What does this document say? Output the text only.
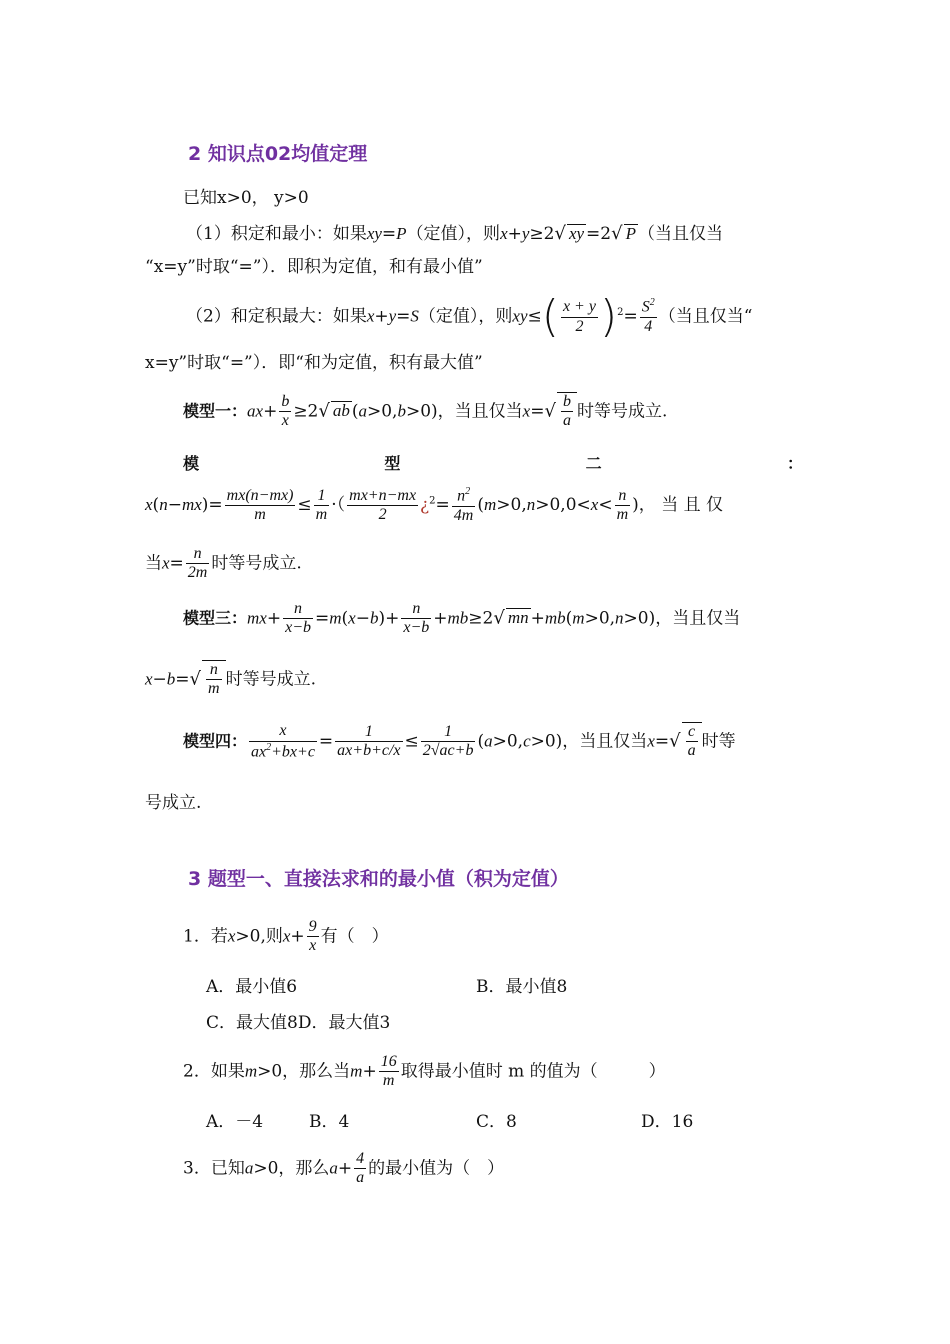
2 知识点02均值定理
已知x>0， y>0
（1）积定和最小：如果xy=P（定值），则x+y≥2√ xy =2√ P （当且仅当
“x=y”时取“=”）．即积为定值，和有最小值”
（2）和定积最大：如果x+y=S（定值），则$xy\le( \frac{x + y}{2} )^2= \frac{S^2}{4}$ （当且仅当“
x=y”时取“=”）．即“和为定值，积有最大值”
模型一：$ax+ \frac{b}{x} \ge 2√$ ab (a>0,b>0)，当且仅当$x=√ \frac{b}{a}$ 时等号成立.
模	型	二	：
$x(n-mx)= \frac{mx(n-mx)}{m} \le \frac{1}{m}$ ·（ $\frac{mx+n-mx}{2}$ ¿$^2= \frac{n^2}{4m} (m>0,n>0,0<x< \frac{n}{m}$ )， 当 且 仅
当$x= \frac{n}{2m}$ 时等号成立.
模型三：$mx+ \frac{n}{x-b} =m(x-b)+ \frac{n}{x-b} +mb\ge 2√$ mn +mb(m>0,n>0)，当且仅当
$x-b=√ \frac{n}{m}$ 时等号成立.
模型四： $\frac{x}{ax^2+bx+c} = \frac{1}{ax+b+c/x} \le \frac{1}{2√ac+b} (a>0,c>0)$，当且仅当$x=√ \frac{c}{a}$ 时等
号成立.
3 题型一、直接法求和的最小值（积为定值）
1．若x>0,则$x+ \frac{9}{x}$ 有（　）
A．最小值6	B．最小值8
C．最大值8D．最大值3
2．如果m>0，那么当$m+ \frac{16}{m}$ 取得最小值时 m 的值为（　　　）
A．－4	B．4	C．8	D．16
3．已知a>0，那么$a+ \frac{4}{a}$ 的最小值为（　）
